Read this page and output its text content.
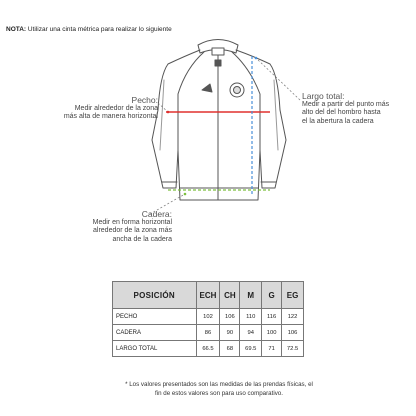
NOTA: Utilizar una cinta métrica para realizar lo siguiente
Pecho:
Medir alrededor de la zona
más alta de manera horizontal
Largo total:
Medir a partir del punto más
alto del del hombro hasta
el la abertura la cadera
Cadera:
Medir en forma horizontal
alrededor de la zona más
ancha de la cadera
POSICIÓN	ECH	CH	M	G	EG
PECHO	102	106	110	116	122
CADERA	86	90	94	100	106
LARGO TOTAL	66.5	68	69.5	71	72.5
* Los valores presentados son las medidas de las prendas físicas, el fin de estos valores son para uso comparativo.
